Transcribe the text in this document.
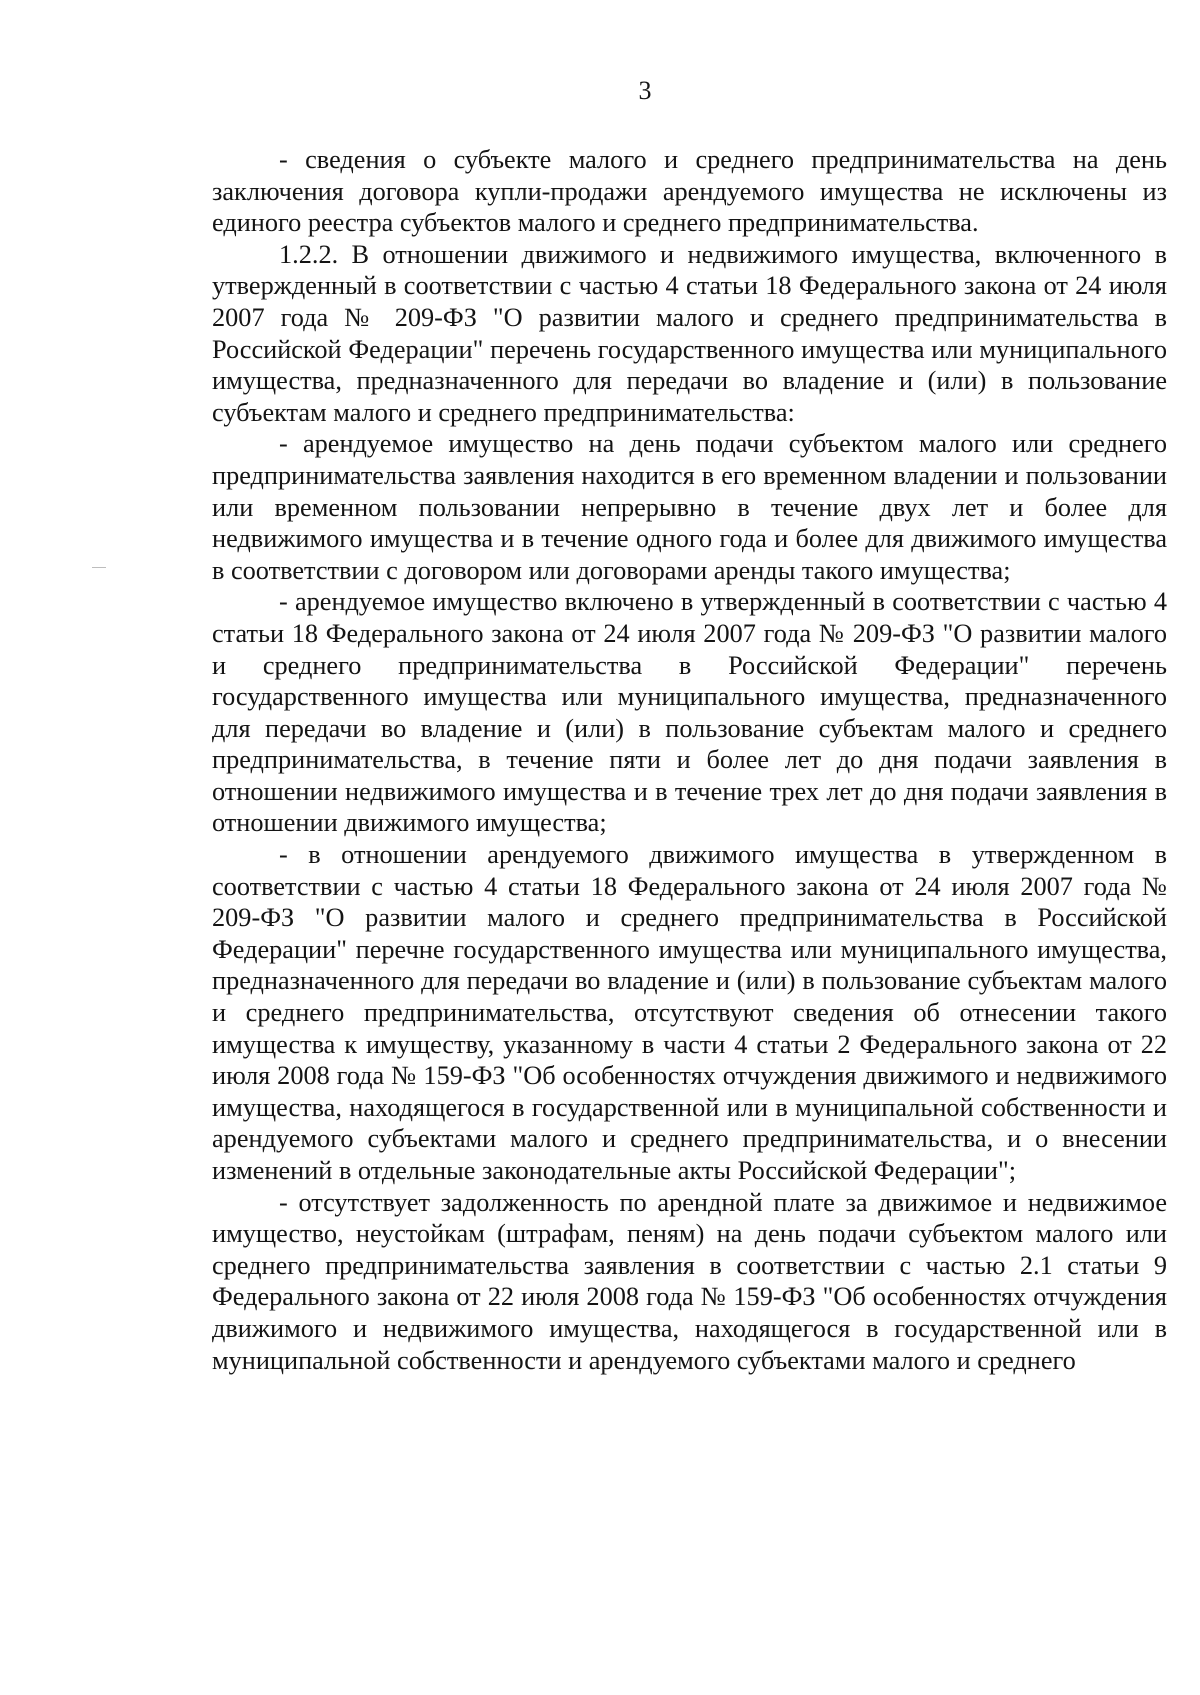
3

- сведения о субъекте малого и среднего предпринимательства на день заключения договора купли-продажи арендуемого имущества не исключены из единого реестра субъектов малого и среднего предпринимательства.

1.2.2. В отношении движимого и недвижимого имущества, включенного в утвержденный в соответствии с частью 4 статьи 18 Федерального закона от 24 июля 2007 года № 209-ФЗ "О развитии малого и среднего предпринимательства в Российской Федерации" перечень государственного имущества или муниципального имущества, предназначенного для передачи во владение и (или) в пользование субъектам малого и среднего предпринимательства:

- арендуемое имущество на день подачи субъектом малого или среднего предпринимательства заявления находится в его временном владении и пользовании или временном пользовании непрерывно в течение двух лет и более для недвижимого имущества и в течение одного года и более для движимого имущества в соответствии с договором или договорами аренды такого имущества;

- арендуемое имущество включено в утвержденный в соответствии с частью 4 статьи 18 Федерального закона от 24 июля 2007 года № 209-ФЗ "О развитии малого и среднего предпринимательства в Российской Федерации" перечень государственного имущества или муниципального имущества, предназначенного для передачи во владение и (или) в пользование субъектам малого и среднего предпринимательства, в течение пяти и более лет до дня подачи заявления в отношении недвижимого имущества и в течение трех лет до дня подачи заявления в отношении движимого имущества;

- в отношении арендуемого движимого имущества в утвержденном в соответствии с частью 4 статьи 18 Федерального закона от 24 июля 2007 года № 209-ФЗ "О развитии малого и среднего предпринимательства в Российской Федерации" перечне государственного имущества или муниципального имущества, предназначенного для передачи во владение и (или) в пользование субъектам малого и среднего предпринимательства, отсутствуют сведения об отнесении такого имущества к имуществу, указанному в части 4 статьи 2 Федерального закона от 22 июля 2008 года № 159-ФЗ "Об особенностях отчуждения движимого и недвижимого имущества, находящегося в государственной или в муниципальной собственности и арендуемого субъектами малого и среднего предпринимательства, и о внесении изменений в отдельные законодательные акты Российской Федерации";

- отсутствует задолженность по арендной плате за движимое и недвижимое имущество, неустойкам (штрафам, пеням) на день подачи субъектом малого или среднего предпринимательства заявления в соответствии с частью 2.1 статьи 9 Федерального закона от 22 июля 2008 года № 159-ФЗ "Об особенностях отчуждения движимого и недвижимого имущества, находящегося в государственной или в муниципальной собственности и арендуемого субъектами малого и среднего
